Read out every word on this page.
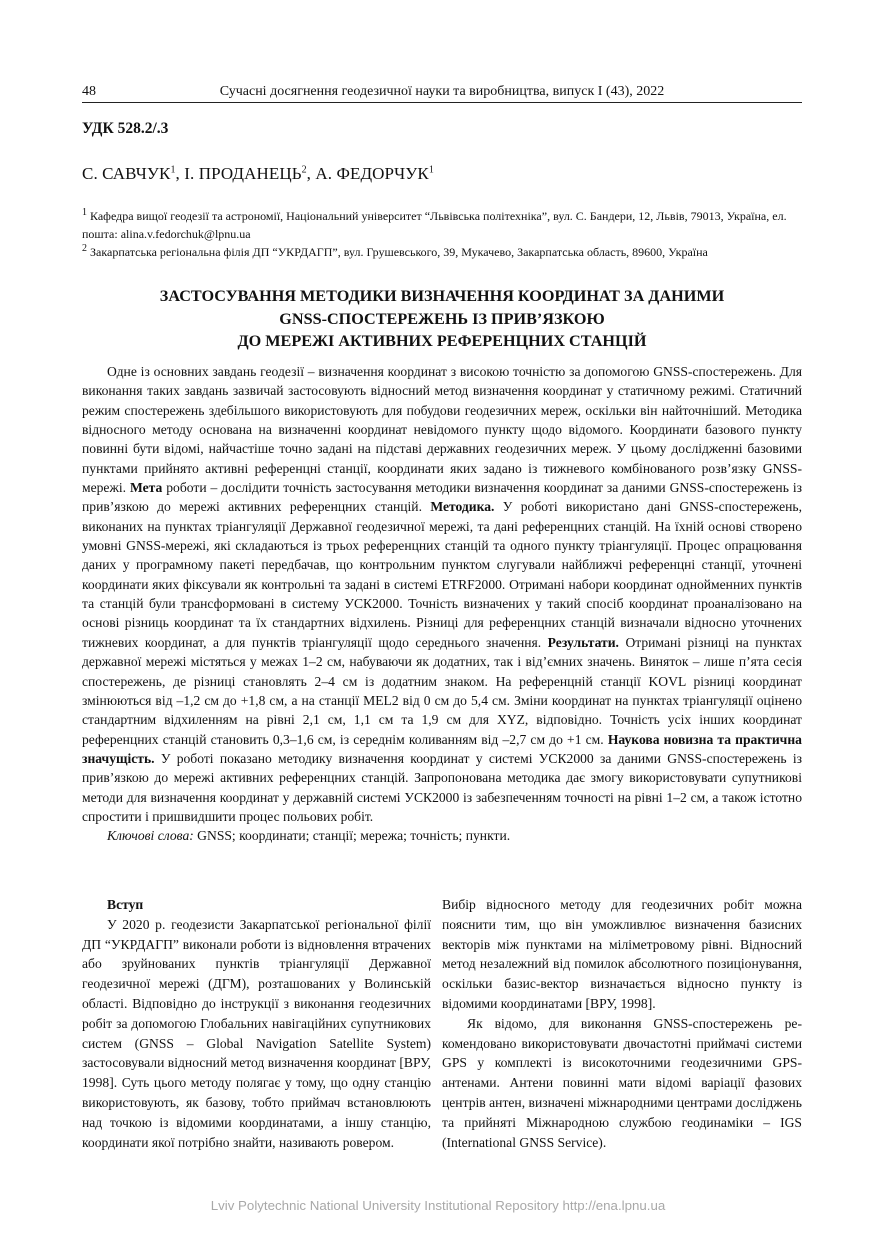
48	Сучасні досягнення геодезичної науки та виробництва, випуск I (43), 2022
УДК 528.2/.3
С. САВЧУК$^1$, І. ПРОДАНЕЦЬ$^2$, А. ФЕДОРЧУК$^1$
$^1$ Кафедра вищої геодезії та астрономії, Національний університет “Львівська політехніка”, вул. С. Бандери, 12, Львів, 79013, Україна, ел. пошта: alina.v.fedorchuk@lpnu.ua
$^2$ Закарпатська регіональна філія ДП “УКРДАГП”, вул. Грушевського, 39, Мукачево, Закарпатська область, 89600, Україна
ЗАСТОСУВАННЯ МЕТОДИКИ ВИЗНАЧЕННЯ КООРДИНАТ ЗА ДАНИМИ
GNSS-СПОСТЕРЕЖЕНЬ ІЗ ПРИВ’ЯЗКОЮ
ДО МЕРЕЖІ АКТИВНИХ РЕФЕРЕНЦНИХ СТАНЦІЙ

Одне із основних завдань геодезії – визначення координат з високою точністю за допомогою GNSS-спостережень. Для виконання таких завдань зазвичай застосовують відносний метод визначення координат у статичному режимі. Статичний режим спостережень здебільшого використовують для побудови геодезичних мереж, оскільки він найточніший. Методика відносного методу основана на визначенні координат невідомого пункту щодо відомого. Координати базового пункту повинні бути відомі, найчастіше точно задані на підставі державних геодезичних мереж. У цьому дослідженні базовими пунктами прийнято активні референцні станції, координати яких задано із тижневого комбінованого розв’язку GNSS-мережі. Мета роботи – дослідити точність застосування методики визначення координат за даними GNSS-спостережень із прив’язкою до мережі активних референцних станцій. Методика. У роботі використано дані GNSS-спостережень, виконаних на пунктах тріангуляції Державної геодезичної мережі, та дані референцних станцій. На їхній основі створено умовні GNSS-мережі, які складаються із трьох референцних станцій та одного пункту тріангуляції. Процес опрацювання даних у програмному пакеті передбачав, що контрольним пунктом слугували найближчі референцні станції, уточнені координати яких фіксували як контрольні та задані в системі ETRF2000. Отримані набори координат однойменних пунктів та станцій були трансформовані в систему УСК2000. Точність визначених у такий спосіб координат проаналізовано на основі різниць координат та їх стандартних відхилень. Різниці для референцних станцій визначали відносно уточнених тижневих координат, а для пунктів тріангуляції щодо середнього значення. Результати. Отримані різниці на пунктах державної мережі містяться у межах 1–2 см, набуваючи як додатних, так і від’ємних значень. Виняток – лише п’ята сесія спостережень, де різниці становлять 2–4 см із додатним знаком. На референцній станції KOVL різниці координат змінюються від –1,2 см до +1,8 см, а на станції MEL2 від 0 см до 5,4 см. Зміни координат на пунктах тріангуляції оцінено стандартним відхиленням на рівні 2,1 см, 1,1 см та 1,9 см для XYZ, відповідно. Точність усіх інших координат референцних станцій становить 0,3–1,6 см, із середнім коливанням від –2,7 см до +1 см. Наукова новизна та практична значущість. У роботі показано методику визначення координат у системі УСК2000 за даними GNSS-спостережень із прив’язкою до мережі активних референцних станцій. Запропонована методика дає змогу використовувати супутникові методи для визначення координат у державній системі УСК2000 із забезпеченням точності на рівні 1–2 см, а також істотно спростити і пришвидшити процес польових робіт.

Ключові слова: GNSS; координати; станції; мережа; точність; пункти.

Вступ

У 2020 р. геодезисти Закарпатської регіональної філії ДП “УКРДАГП” виконали роботи із відновлення втрачених або зруйнованих пунктів тріангуляції Державної геодезичної мережі (ДГМ), розташованих у Волинській області. Відповідно до інструкції з виконання геодезичних робіт за допомогою Глобальних навігаційних супутникових систем (GNSS – Global Navigation Satellite System) застосовували відносний метод визначення координат [ВРУ, 1998]. Суть цього методу полягає у тому, що одну станцію використовують, як базову, тобто приймач встановлюють над точкою із відомими координатами, а іншу станцію, координати якої потрібно знайти, називають ровером.

Вибір відносного методу для геодезичних робіт можна пояснити тим, що він уможливлює визначення базисних векторів між пунктами на міліметровому рівні. Відносний метод незалежний від помилок абсолютного позиціонування, оскільки базис-вектор визначається відносно пункту із відомими координатами [ВРУ, 1998].

Як відомо, для виконання GNSS-спостережень рекомендовано використовувати двочастотні приймачі системи GPS у комплекті із високоточними геодезичними GPS-антенами. Антени повинні мати відомі варіації фазових центрів антен, визначені міжнародними центрами досліджень та прийняті Міжнародною службою геодинаміки – IGS (International GNSS Service).

Lviv Polytechnic National University Institutional Repository http://ena.lpnu.ua
